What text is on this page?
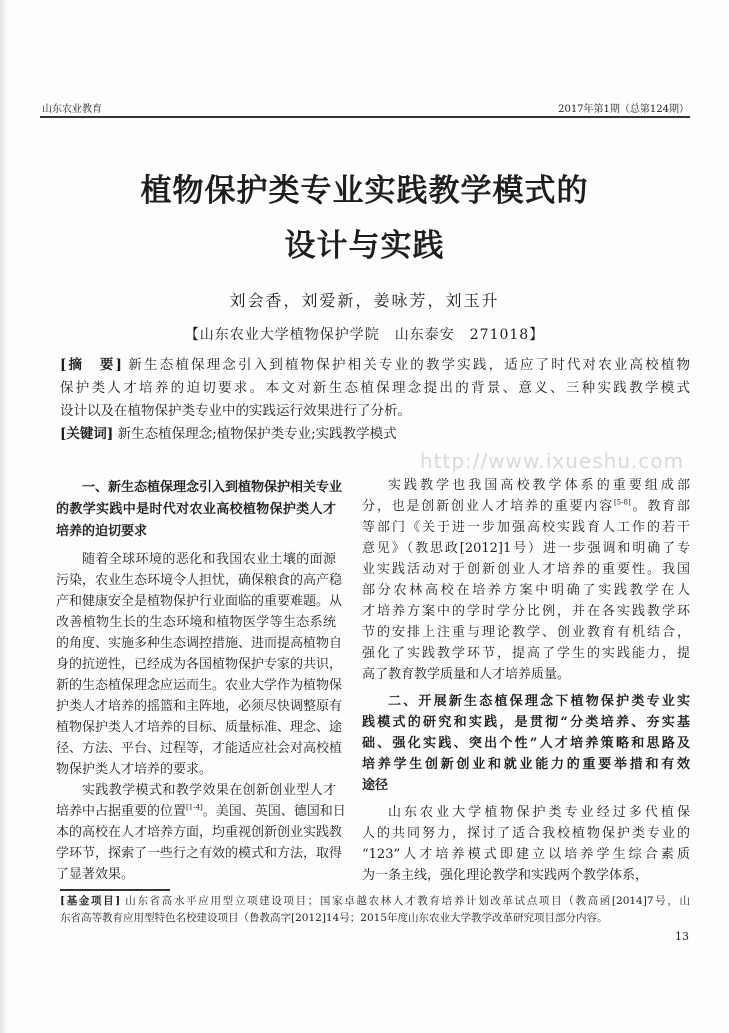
山东农业教育	2017年第1期（总第124期）
植物保护类专业实践教学模式的
设计与实践
刘会香，刘爱新，姜咏芳，刘玉升
【山东农业大学植物保护学院　山东泰安　271018】
[摘　要] 新生态植保理念引入到植物保护相关专业的教学实践，适应了时代对农业高校植物
保护类人才培养的迫切要求。本文对新生态植保理念提出的背景、意义、三种实践教学模式
设计以及在植物保护类专业中的实践运行效果进行了分析。
[关键词] 新生态植保理念;植物保护类专业;实践教学模式
http://www.ixueshu.com
一、新生态植保理念引入到植物保护相关专业
的教学实践中是时代对农业高校植物保护类人才
培养的迫切要求
随着全球环境的恶化和我国农业土壤的面源
污染，农业生态环境令人担忧，确保粮食的高产稳
产和健康安全是植物保护行业面临的重要难题。从
改善植物生长的生态环境和植物医学等生态系统
的角度、实施多种生态调控措施、进而提高植物自
身的抗逆性，已经成为各国植物保护专家的共识，
新的生态植保理念应运而生。农业大学作为植物保
护类人才培养的摇篮和主阵地，必须尽快调整原有
植物保护类人才培养的目标、质量标准、理念、途
径、方法、平台、过程等，才能适应社会对高校植
物保护类人才培养的要求。
实践教学模式和教学效果在创新创业型人才
培养中占据重要的位置[1-4]。美国、英国、德国和日
本的高校在人才培养方面，均重视创新创业实践教
学环节，探索了一些行之有效的模式和方法，取得
了显著效果。
实践教学也我国高校教学体系的重要组成部
分，也是创新创业人才培养的重要内容[5-8]。教育部
等部门《关于进一步加强高校实践育人工作的若干
意见》（教思政[2012]1号）进一步强调和明确了专
业实践活动对于创新创业人才培养的重要性。我国
部分农林高校在培养方案中明确了实践教学在人
才培养方案中的学时学分比例，并在各实践教学环
节的安排上注重与理论教学、创业教育有机结合，
强化了实践教学环节，提高了学生的实践能力，提
高了教育教学质量和人才培养质量。
二、开展新生态植保理念下植物保护类专业实
践模式的研究和实践，是贯彻“分类培养、夯实基
础、强化实践、突出个性”人才培养策略和思路及
培养学生创新创业和就业能力的重要举措和有效
途径
山东农业大学植物保护类专业经过多代植保
人的共同努力，探讨了适合我校植物保护类专业的
“123”人才培养模式即建立以培养学生综合素质
为一条主线，强化理论教学和实践两个教学体系，
[基金项目] 山东省高水平应用型立项建设项目；国家卓越农林人才教育培养计划改革试点项目（教高函[2014]7号，山
东省高等教育应用型特色名校建设项目（鲁教高字[2012]14号；2015年度山东农业大学教学改革研究项目部分内容。
13
